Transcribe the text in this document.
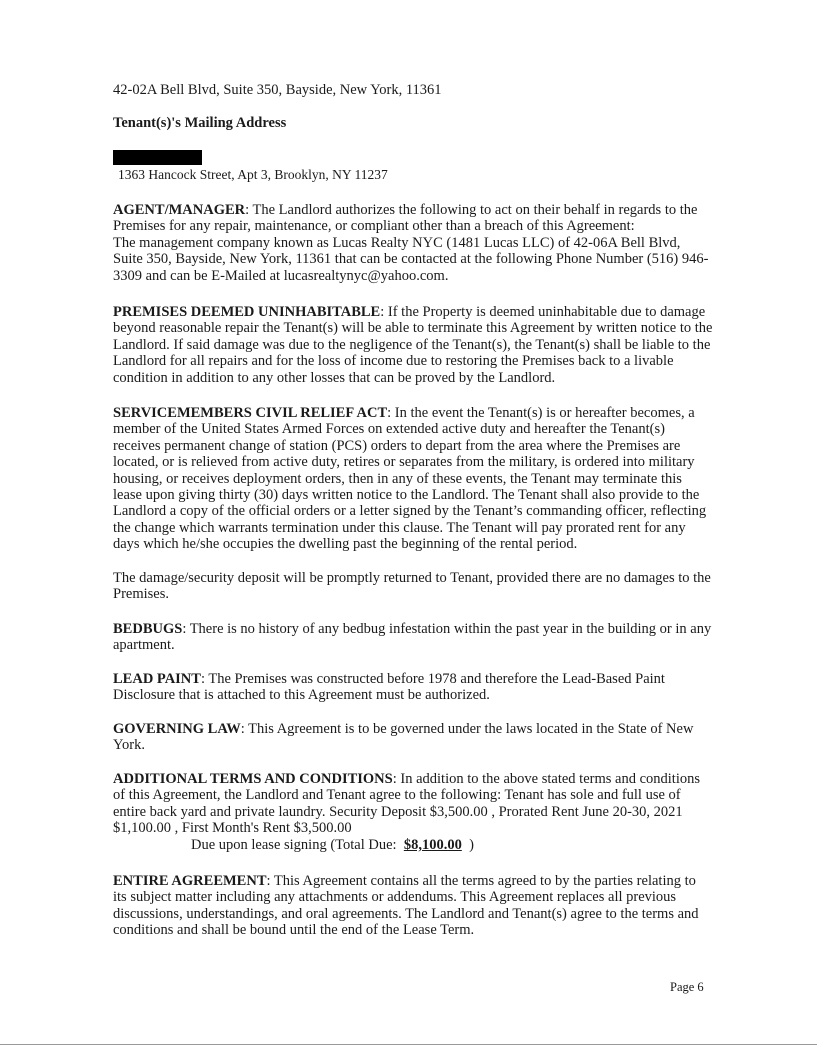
42-02A Bell Blvd, Suite 350, Bayside, New York, 11361

Tenant(s)'s Mailing Address

1363 Hancock Street, Apt 3, Brooklyn, NY 11237

AGENT/MANAGER: The Landlord authorizes the following to act on their behalf in regards to the Premises for any repair, maintenance, or compliant other than a breach of this Agreement:
The management company known as Lucas Realty NYC (1481 Lucas LLC) of 42-06A Bell Blvd, Suite 350, Bayside, New York, 11361 that can be contacted at the following Phone Number (516) 946-3309 and can be E-Mailed at lucasrealtynyc@yahoo.com.

PREMISES DEEMED UNINHABITABLE: If the Property is deemed uninhabitable due to damage beyond reasonable repair the Tenant(s) will be able to terminate this Agreement by written notice to the Landlord. If said damage was due to the negligence of the Tenant(s), the Tenant(s) shall be liable to the Landlord for all repairs and for the loss of income due to restoring the Premises back to a livable condition in addition to any other losses that can be proved by the Landlord.

SERVICEMEMBERS CIVIL RELIEF ACT: In the event the Tenant(s) is or hereafter becomes, a member of the United States Armed Forces on extended active duty and hereafter the Tenant(s) receives permanent change of station (PCS) orders to depart from the area where the Premises are located, or is relieved from active duty, retires or separates from the military, is ordered into military housing, or receives deployment orders, then in any of these events, the Tenant may terminate this lease upon giving thirty (30) days written notice to the Landlord. The Tenant shall also provide to the Landlord a copy of the official orders or a letter signed by the Tenant’s commanding officer, reflecting the change which warrants termination under this clause. The Tenant will pay prorated rent for any days which he/she occupies the dwelling past the beginning of the rental period.

The damage/security deposit will be promptly returned to Tenant, provided there are no damages to the Premises.

BEDBUGS: There is no history of any bedbug infestation within the past year in the building or in any apartment.

LEAD PAINT: The Premises was constructed before 1978 and therefore the Lead-Based Paint Disclosure that is attached to this Agreement must be authorized.

GOVERNING LAW: This Agreement is to be governed under the laws located in the State of New York.

ADDITIONAL TERMS AND CONDITIONS: In addition to the above stated terms and conditions of this Agreement, the Landlord and Tenant agree to the following: Tenant has sole and full use of entire back yard and private laundry. Security Deposit $3,500.00 , Prorated Rent June 20-30, 2021 $1,100.00 , First Month's Rent $3,500.00
Due upon lease signing (Total Due: $8,100.00 )

ENTIRE AGREEMENT: This Agreement contains all the terms agreed to by the parties relating to its subject matter including any attachments or addendums. This Agreement replaces all previous discussions, understandings, and oral agreements. The Landlord and Tenant(s) agree to the terms and conditions and shall be bound until the end of the Lease Term.

Page 6
